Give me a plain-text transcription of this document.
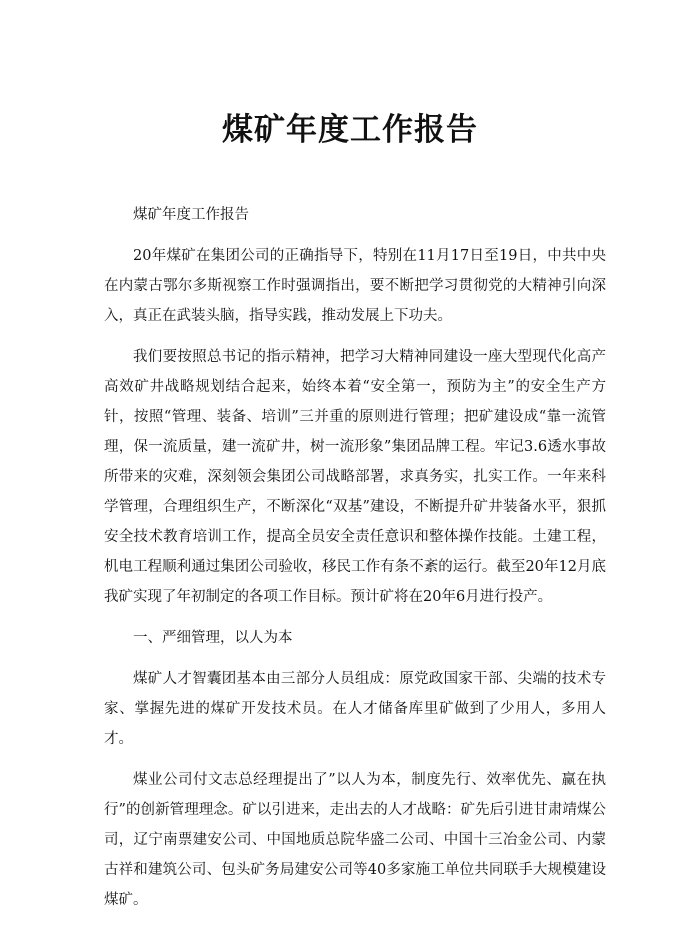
煤矿年度工作报告

煤矿年度工作报告

20年煤矿在集团公司的正确指导下，特别在11月17日至19日，中共中央在内蒙古鄂尔多斯视察工作时强调指出，要不断把学习贯彻党的大精神引向深入，真正在武装头脑，指导实践，推动发展上下功夫。

我们要按照总书记的指示精神，把学习大精神同建设一座大型现代化高产高效矿井战略规划结合起来，始终本着“安全第一，预防为主”的安全生产方针，按照“管理、装备、培训”三并重的原则进行管理；把矿建设成“靠一流管理，保一流质量，建一流矿井，树一流形象”集团品牌工程。牢记3.6透水事故所带来的灾难，深刻领会集团公司战略部署，求真务实，扎实工作。一年来科学管理，合理组织生产，不断深化“双基”建设，不断提升矿井装备水平，狠抓安全技术教育培训工作，提高全员安全责任意识和整体操作技能。土建工程，机电工程顺利通过集团公司验收，移民工作有条不紊的运行。截至20年12月底我矿实现了年初制定的各项工作目标。预计矿将在20年6月进行投产。

一、严细管理，以人为本

煤矿人才智囊团基本由三部分人员组成：原党政国家干部、尖端的技术专家、掌握先进的煤矿开发技术员。在人才储备库里矿做到了少用人，多用人才。

煤业公司付文志总经理提出了”以人为本，制度先行、效率优先、赢在执行”的创新管理理念。矿以引进来，走出去的人才战略：矿先后引进甘肃靖煤公司，辽宁南票建安公司、中国地质总院华盛二公司、中国十三冶金公司、内蒙古祥和建筑公司、包头矿务局建安公司等40多家施工单位共同联手大规模建设煤矿。
